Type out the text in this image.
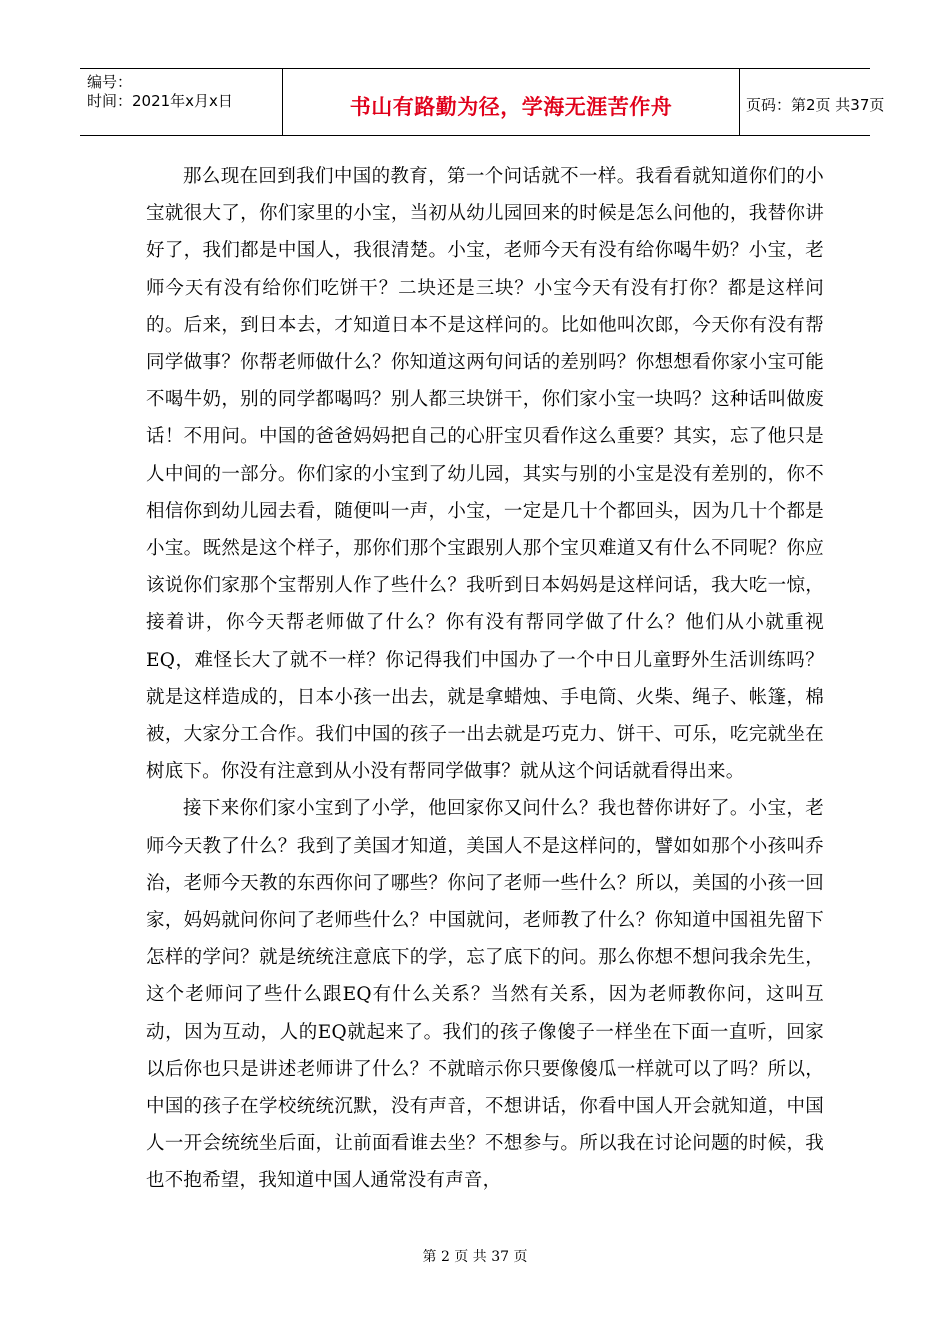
编号：
时间：2021年x月x日	书山有路勤为径，学海无涯苦作舟	页码：第2页 共37页

那么现在回到我们中国的教育，第一个问话就不一样。我看看就知道你们的小宝就很大了，你们家里的小宝，当初从幼儿园回来的时候是怎么问他的，我替你讲好了，我们都是中国人，我很清楚。小宝，老师今天有没有给你喝牛奶？小宝，老师今天有没有给你们吃饼干？二块还是三块？小宝今天有没有打你？都是这样问的。后来，到日本去，才知道日本不是这样问的。比如他叫次郎，今天你有没有帮同学做事？你帮老师做什么？你知道这两句问话的差别吗？你想想看你家小宝可能不喝牛奶，别的同学都喝吗？别人都三块饼干，你们家小宝一块吗？这种话叫做废话！不用问。中国的爸爸妈妈把自己的心肝宝贝看作这么重要？其实，忘了他只是人中间的一部分。你们家的小宝到了幼儿园，其实与别的小宝是没有差别的，你不相信你到幼儿园去看，随便叫一声，小宝，一定是几十个都回头，因为几十个都是小宝。既然是这个样子，那你们那个宝跟别人那个宝贝难道又有什么不同呢？你应该说你们家那个宝帮别人作了些什么？我听到日本妈妈是这样问话，我大吃一惊，接着讲，你今天帮老师做了什么？你有没有帮同学做了什么？他们从小就重视EQ，难怪长大了就不一样？你记得我们中国办了一个中日儿童野外生活训练吗？就是这样造成的，日本小孩一出去，就是拿蜡烛、手电筒、火柴、绳子、帐篷，棉被，大家分工合作。我们中国的孩子一出去就是巧克力、饼干、可乐，吃完就坐在树底下。你没有注意到从小没有帮同学做事？就从这个问话就看得出来。

接下来你们家小宝到了小学，他回家你又问什么？我也替你讲好了。小宝，老师今天教了什么？我到了美国才知道，美国人不是这样问的，譬如如那个小孩叫乔治，老师今天教的东西你问了哪些？你问了老师一些什么？所以，美国的小孩一回家，妈妈就问你问了老师些什么？中国就问，老师教了什么？你知道中国祖先留下怎样的学问？就是统统注意底下的学，忘了底下的问。那么你想不想问我余先生，这个老师问了些什么跟EQ有什么关系？当然有关系，因为老师教你问，这叫互动，因为互动，人的EQ就起来了。我们的孩子像傻子一样坐在下面一直听，回家以后你也只是讲述老师讲了什么？不就暗示你只要像傻瓜一样就可以了吗？所以，中国的孩子在学校统统沉默，没有声音，不想讲话，你看中国人开会就知道，中国人一开会统统坐后面，让前面看谁去坐？不想参与。所以我在讨论问题的时候，我也不抱希望，我知道中国人通常没有声音，

第 2 页 共 37 页
